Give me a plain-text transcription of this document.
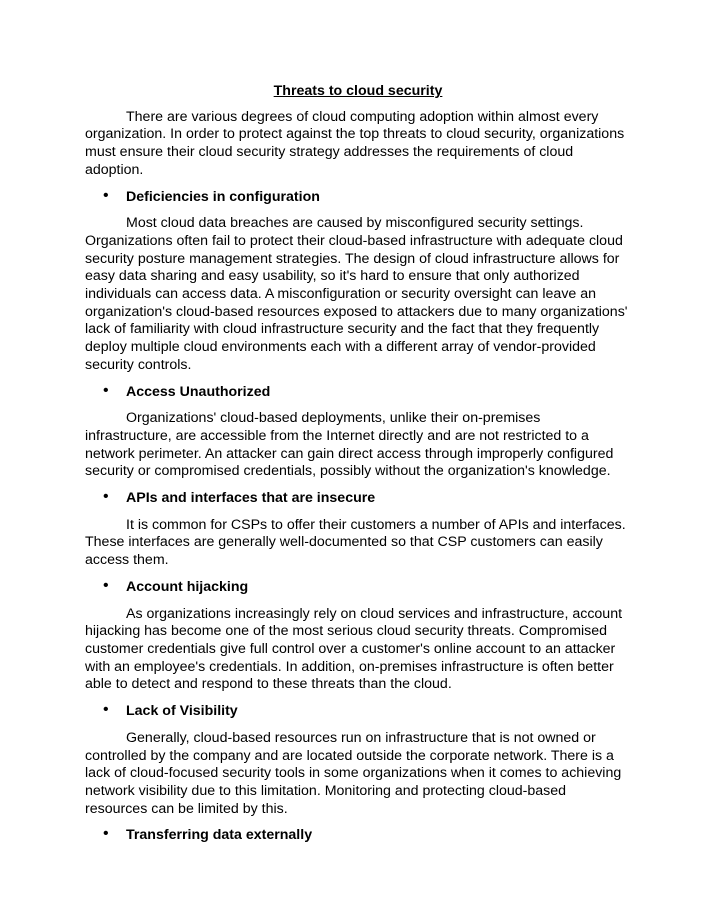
Threats to cloud security

There are various degrees of cloud computing adoption within almost every organization. In order to protect against the top threats to cloud security, organizations must ensure their cloud security strategy addresses the requirements of cloud adoption.

• Deficiencies in configuration

Most cloud data breaches are caused by misconfigured security settings. Organizations often fail to protect their cloud-based infrastructure with adequate cloud security posture management strategies. The design of cloud infrastructure allows for easy data sharing and easy usability, so it's hard to ensure that only authorized individuals can access data. A misconfiguration or security oversight can leave an organization's cloud-based resources exposed to attackers due to many organizations' lack of familiarity with cloud infrastructure security and the fact that they frequently deploy multiple cloud environments each with a different array of vendor-provided security controls.

• Access Unauthorized

Organizations' cloud-based deployments, unlike their on-premises infrastructure, are accessible from the Internet directly and are not restricted to a network perimeter. An attacker can gain direct access through improperly configured security or compromised credentials, possibly without the organization's knowledge.

• APIs and interfaces that are insecure

It is common for CSPs to offer their customers a number of APIs and interfaces. These interfaces are generally well-documented so that CSP customers can easily access them.

• Account hijacking

As organizations increasingly rely on cloud services and infrastructure, account hijacking has become one of the most serious cloud security threats. Compromised customer credentials give full control over a customer's online account to an attacker with an employee's credentials. In addition, on-premises infrastructure is often better able to detect and respond to these threats than the cloud.

• Lack of Visibility

Generally, cloud-based resources run on infrastructure that is not owned or controlled by the company and are located outside the corporate network. There is a lack of cloud-focused security tools in some organizations when it comes to achieving network visibility due to this limitation. Monitoring and protecting cloud-based resources can be limited by this.

• Transferring data externally
